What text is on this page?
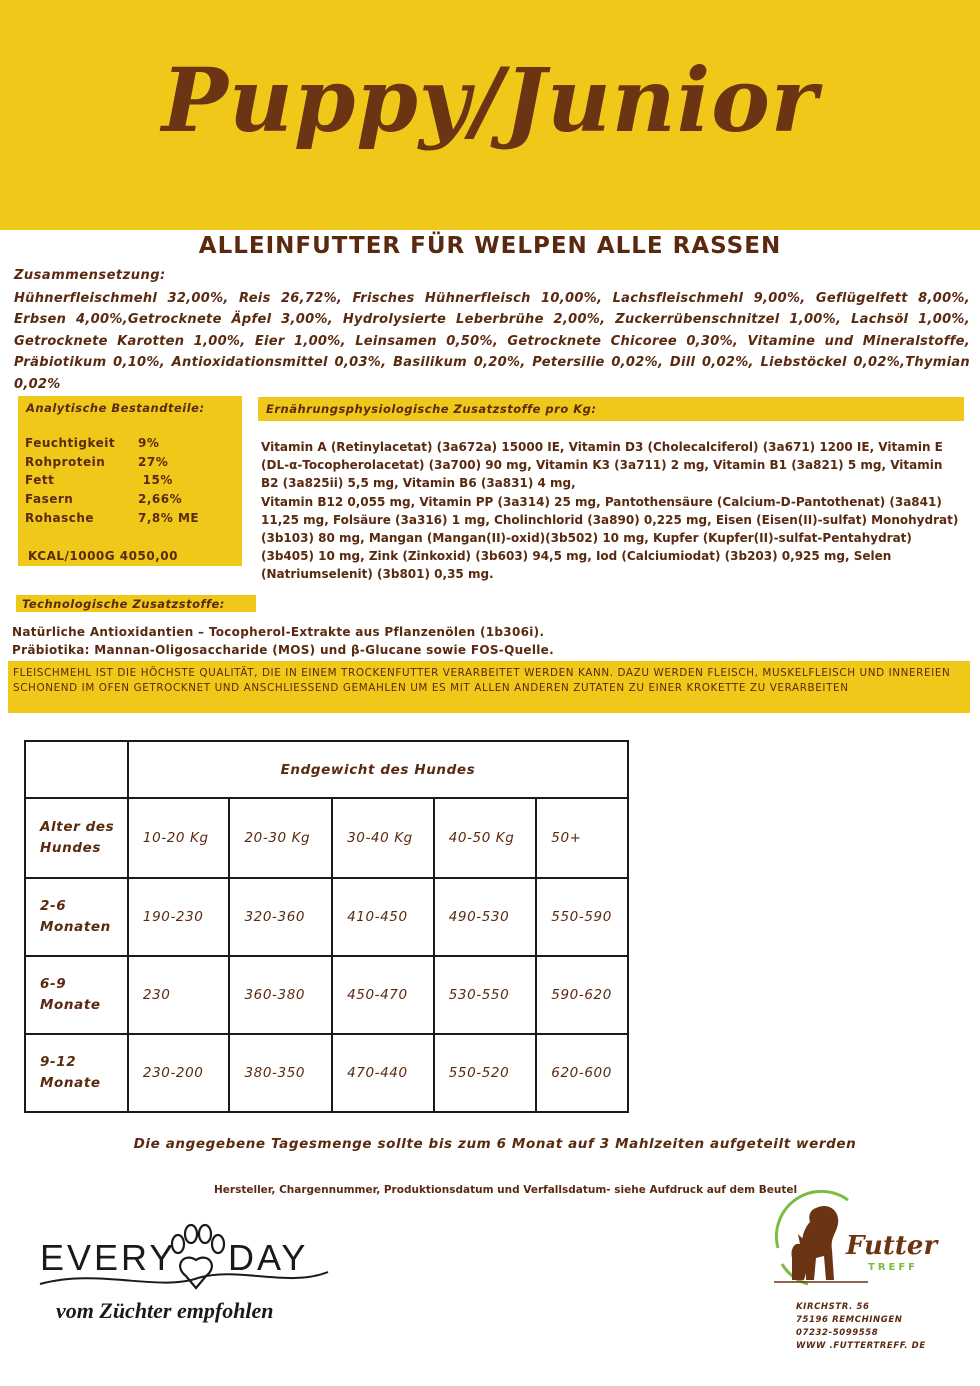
Puppy/Junior
ALLEINFUTTER FÜR WELPEN ALLE RASSEN
Zusammensetzung:
Hühnerfleischmehl 32,00%, Reis 26,72%, Frisches Hühnerfleisch 10,00%, Lachsfleischmehl 9,00%, Geflügelfett 8,00%, Erbsen 4,00%,Getrocknete Äpfel 3,00%, Hydrolysierte Leberbrühe 2,00%, Zuckerrübenschnitzel 1,00%, Lachsöl 1,00%, Getrocknete Karotten 1,00%, Eier 1,00%, Leinsamen 0,50%, Getrocknete Chicoree 0,30%, Vitamine und Mineralstoffe, Präbiotikum 0,10%, Antioxidationsmittel 0,03%, Basilikum 0,20%, Petersilie 0,02%, Dill 0,02%, Liebstöckel 0,02%,Thymian 0,02%
Analytische Bestandteile:
Feuchtigkeit 9%
Rohprotein	27%
Fett	15%
Fasern	2,66%
Rohasche	7,8% ME
KCAL/1000G 4050,00
Ernährungsphysiologische Zusatzstoffe pro Kg:
Vitamin A (Retinylacetat) (3a672a) 15000 IE, Vitamin D3 (Cholecalciferol) (3a671) 1200 IE, Vitamin E (DL-α-Tocopherolacetat) (3a700) 90 mg, Vitamin K3 (3a711) 2 mg, Vitamin B1 (3a821) 5 mg, Vitamin B2 (3a825ii) 5,5 mg, Vitamin B6 (3a831) 4 mg,
Vitamin B12 0,055 mg, Vitamin PP (3a314) 25 mg, Pantothensäure (Calcium-D-Pantothenat) (3a841) 11,25 mg, Folsäure (3a316) 1 mg, Cholinchlorid (3a890) 0,225 mg, Eisen (Eisen(II)-sulfat) Monohydrat)(3b103) 80 mg, Mangan (Mangan(II)-oxid)(3b502) 10 mg, Kupfer (Kupfer(II)-sulfat-Pentahydrat) (3b405) 10 mg, Zink (Zinkoxid) (3b603) 94,5 mg, Iod (Calciumiodat) (3b203) 0,925 mg, Selen (Natriumselenit) (3b801) 0,35 mg.
Technologische Zusatzstoffe:
Natürliche Antioxidantien – Tocopherol-Extrakte aus Pflanzenölen (1b306i).
Präbiotika: Mannan-Oligosaccharide (MOS) und β-Glucane sowie FOS-Quelle.
FLEISCHMEHL IST DIE HÖCHSTE QUALITÄT, DIE IN EINEM TROCKENFUTTER VERARBEITET WERDEN KANN. DAZU WERDEN FLEISCH, MUSKELFLEISCH UND INNEREIEN SCHONEND IM OFEN GETROCKNET UND ANSCHLIESSEND GEMAHLEN UM ES MIT ALLEN ANDEREN ZUTATEN ZU EINER KROKETTE ZU VERARBEITEN
	Endgewicht des Hundes				
Alter des Hundes	10-20 Kg	20-30 Kg	30-40 Kg	40-50 Kg	50+
2-6 Monaten	190-230	320-360	410-450	490-530	550-590
6-9 Monate	230	360-380	450-470	530-550	590-620
9-12 Monate	230-200	380-350	470-440	550-520	620-600
Die angegebene Tagesmenge sollte bis zum 6 Monat auf 3 Mahlzeiten aufgeteilt werden
Hersteller, Chargennummer, Produktionsdatum und Verfallsdatum- siehe Aufdruck auf dem Beutel
EVERY DAY
vom Züchter empfohlen
Futter
TREFF
KIRCHSTR. 56
75196 REMCHINGEN
07232-5099558
WWW .FUTTERTREFF. DE
